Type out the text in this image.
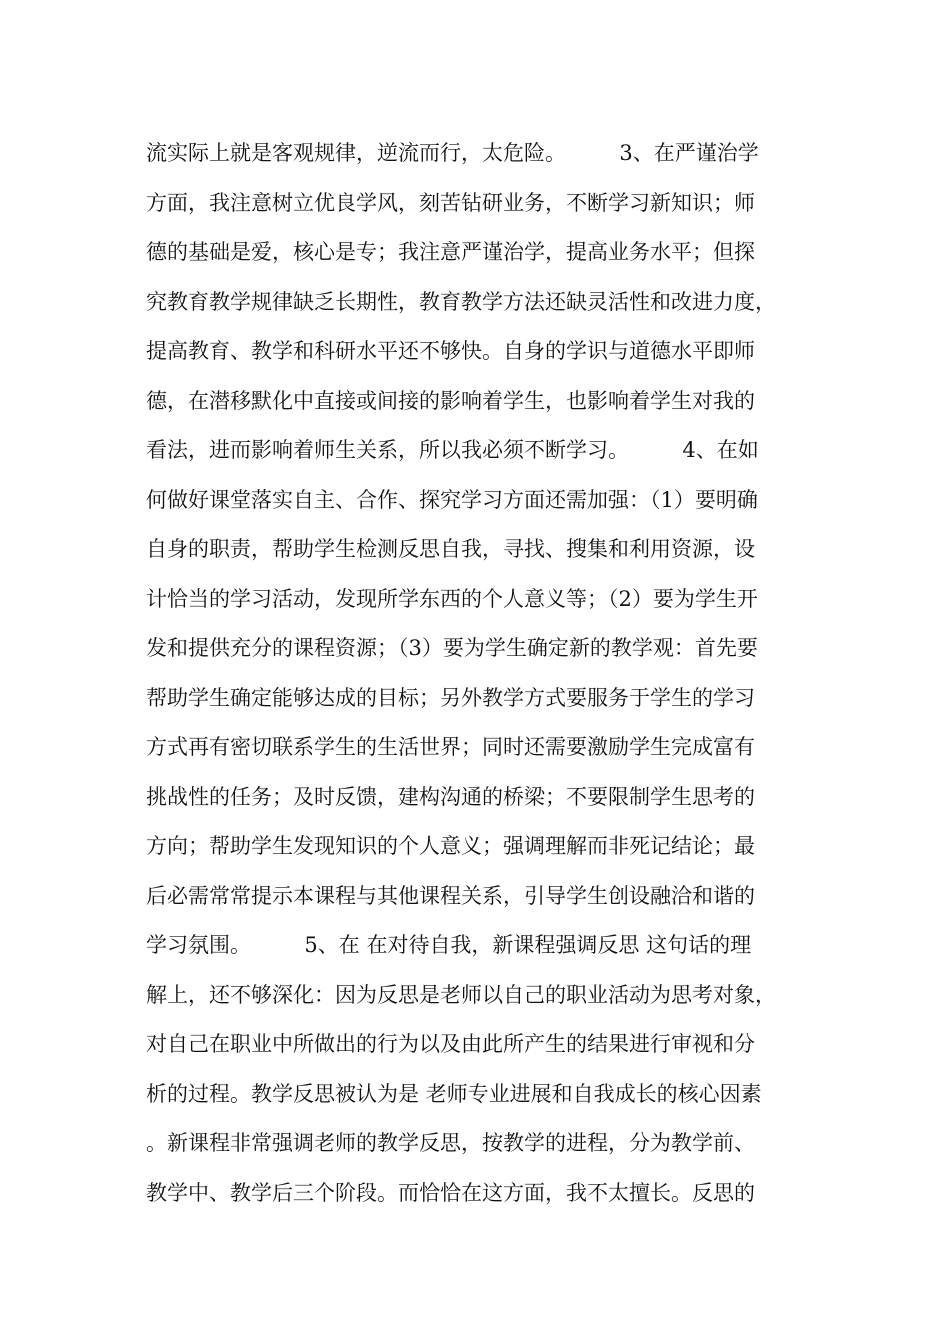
流实际上就是客观规律，逆流而行，太危险。        3、在严谨治学
方面，我注意树立优良学风，刻苦钻研业务，不断学习新知识；师
德的基础是爱，核心是专；我注意严谨治学，提高业务水平；但探
究教育教学规律缺乏长期性，教育教学方法还缺灵活性和改进力度，
提高教育、教学和科研水平还不够快。自身的学识与道德水平即师
德，在潜移默化中直接或间接的影响着学生，也影响着学生对我的
看法，进而影响着师生关系，所以我必须不断学习。        4、在如
何做好课堂落实自主、合作、探究学习方面还需加强：（1）要明确
自身的职责，帮助学生检测反思自我，寻找、搜集和利用资源，设
计恰当的学习活动，发现所学东西的个人意义等；（2）要为学生开
发和提供充分的课程资源；（3）要为学生确定新的教学观：首先要
帮助学生确定能够达成的目标；另外教学方式要服务于学生的学习
方式再有密切联系学生的生活世界；同时还需要激励学生完成富有
挑战性的任务；及时反馈，建构沟通的桥梁；不要限制学生思考的
方向；帮助学生发现知识的个人意义；强调理解而非死记结论；最
后必需常常提示本课程与其他课程关系，引导学生创设融洽和谐的
学习氛围。        5、在 在对待自我，新课程强调反思 这句话的理
解上，还不够深化：因为反思是老师以自己的职业活动为思考对象，
对自己在职业中所做出的行为以及由此所产生的结果进行审视和分
析的过程。教学反思被认为是 老师专业进展和自我成长的核心因素
。新课程非常强调老师的教学反思，按教学的进程，分为教学前、
教学中、教学后三个阶段。而恰恰在这方面，我不太擅长。反思的
